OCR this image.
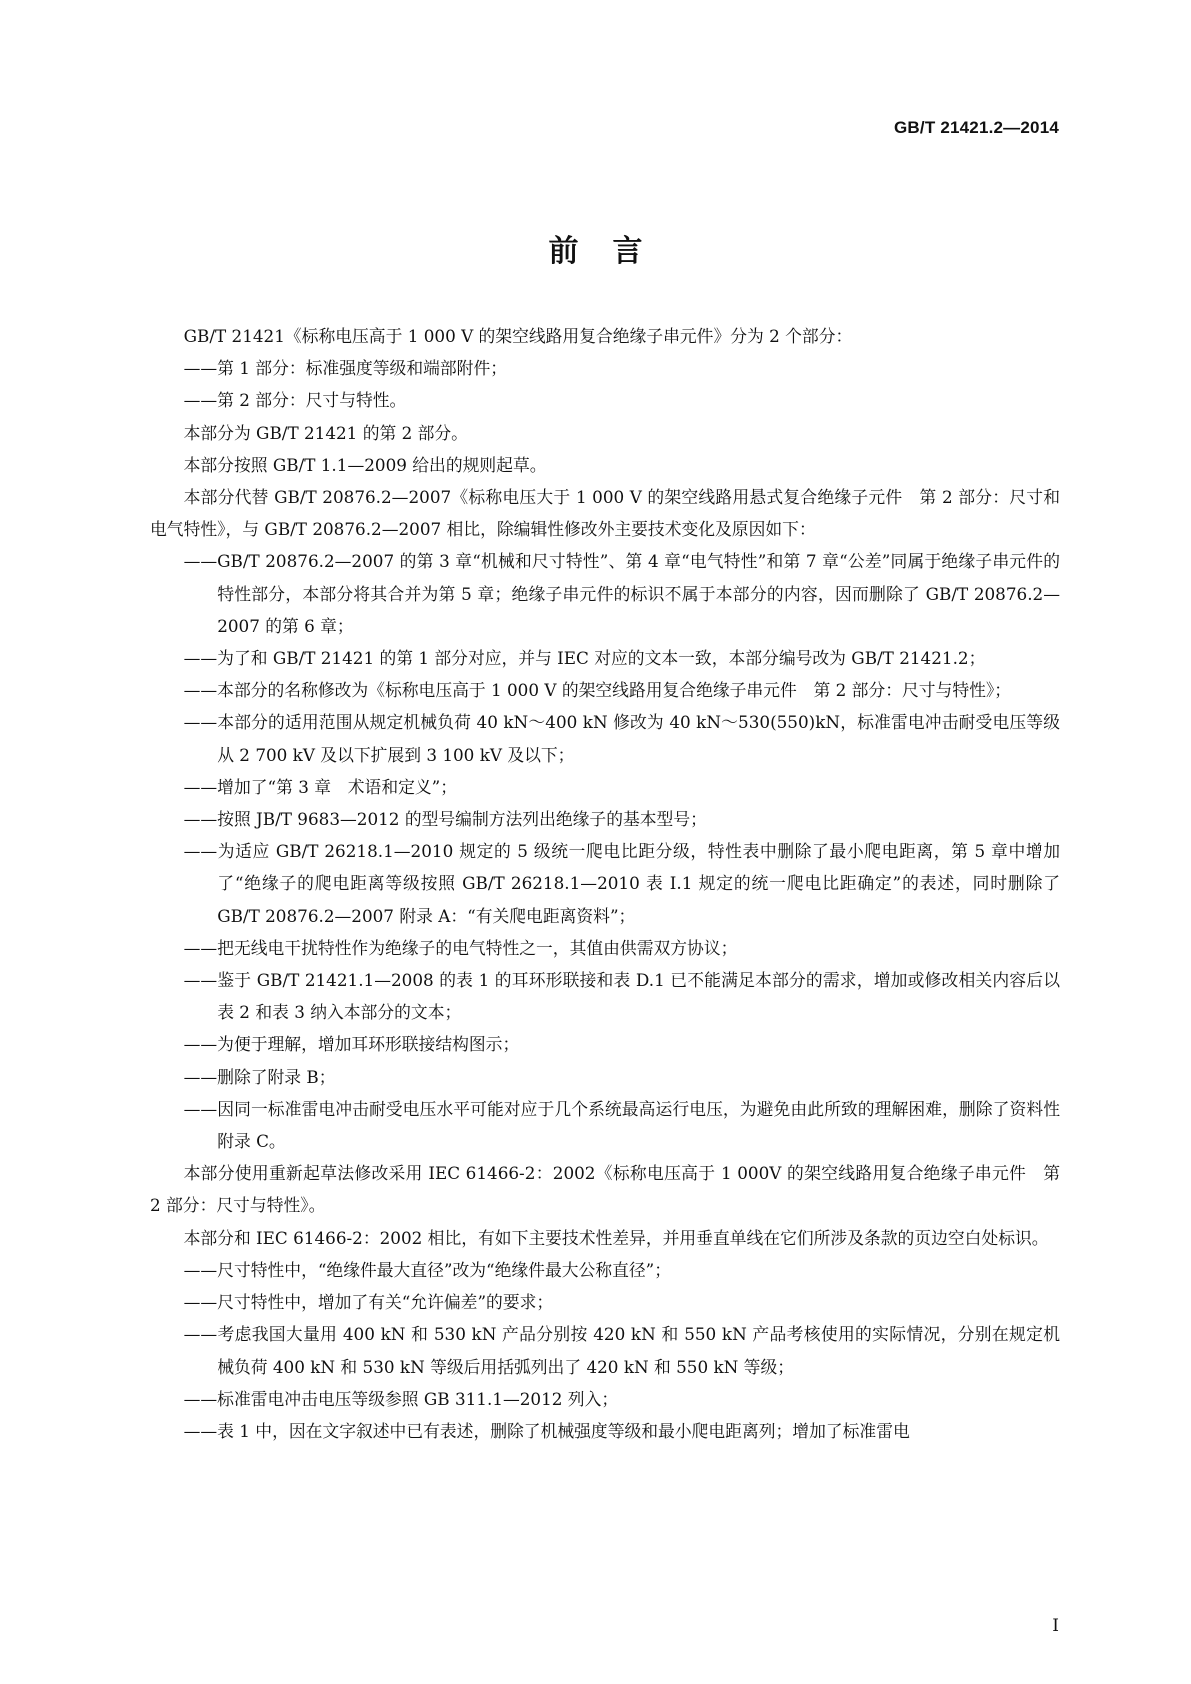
GB/T 21421.2—2014
前言

GB/T 21421《标称电压高于 1 000 V 的架空线路用复合绝缘子串元件》分为 2 个部分：

——第 1 部分：标准强度等级和端部附件；

——第 2 部分：尺寸与特性。

本部分为 GB/T 21421 的第 2 部分。

本部分按照 GB/T 1.1—2009 给出的规则起草。

本部分代替 GB/T 20876.2—2007《标称电压大于 1 000 V 的架空线路用悬式复合绝缘子元件　第 2 部分：尺寸和电气特性》，与 GB/T 20876.2—2007 相比，除编辑性修改外主要技术变化及原因如下：

——GB/T 20876.2—2007 的第 3 章“机械和尺寸特性”、第 4 章“电气特性”和第 7 章“公差”同属于绝缘子串元件的特性部分，本部分将其合并为第 5 章；绝缘子串元件的标识不属于本部分的内容，因而删除了 GB/T 20876.2—2007 的第 6 章；

——为了和 GB/T 21421 的第 1 部分对应，并与 IEC 对应的文本一致，本部分编号改为 GB/T 21421.2；

——本部分的名称修改为《标称电压高于 1 000 V 的架空线路用复合绝缘子串元件　第 2 部分：尺寸与特性》；

——本部分的适用范围从规定机械负荷 40 kN～400 kN 修改为 40 kN～530(550)kN，标准雷电冲击耐受电压等级从 2 700 kV 及以下扩展到 3 100 kV 及以下；

——增加了“第 3 章　术语和定义”；

——按照 JB/T 9683—2012 的型号编制方法列出绝缘子的基本型号；

——为适应 GB/T 26218.1—2010 规定的 5 级统一爬电比距分级，特性表中删除了最小爬电距离，第 5 章中增加了“绝缘子的爬电距离等级按照 GB/T 26218.1—2010 表 I.1 规定的统一爬电比距确定”的表述，同时删除了 GB/T 20876.2—2007 附录 A：“有关爬电距离资料”；

——把无线电干扰特性作为绝缘子的电气特性之一，其值由供需双方协议；

——鉴于 GB/T 21421.1—2008 的表 1 的耳环形联接和表 D.1 已不能满足本部分的需求，增加或修改相关内容后以表 2 和表 3 纳入本部分的文本；

——为便于理解，增加耳环形联接结构图示；

——删除了附录 B；

——因同一标准雷电冲击耐受电压水平可能对应于几个系统最高运行电压，为避免由此所致的理解困难，删除了资料性附录 C。

本部分使用重新起草法修改采用 IEC 61466-2：2002《标称电压高于 1 000V 的架空线路用复合绝缘子串元件　第 2 部分：尺寸与特性》。

本部分和 IEC 61466-2：2002 相比，有如下主要技术性差异，并用垂直单线在它们所涉及条款的页边空白处标识。

——尺寸特性中，“绝缘件最大直径”改为“绝缘件最大公称直径”；

——尺寸特性中，增加了有关“允许偏差”的要求；

——考虑我国大量用 400 kN 和 530 kN 产品分别按 420 kN 和 550 kN 产品考核使用的实际情况，分别在规定机械负荷 400 kN 和 530 kN 等级后用括弧列出了 420 kN 和 550 kN 等级；

——标准雷电冲击电压等级参照 GB 311.1—2012 列入；

——表 1 中，因在文字叙述中已有表述，删除了机械强度等级和最小爬电距离列；增加了标准雷电

I
